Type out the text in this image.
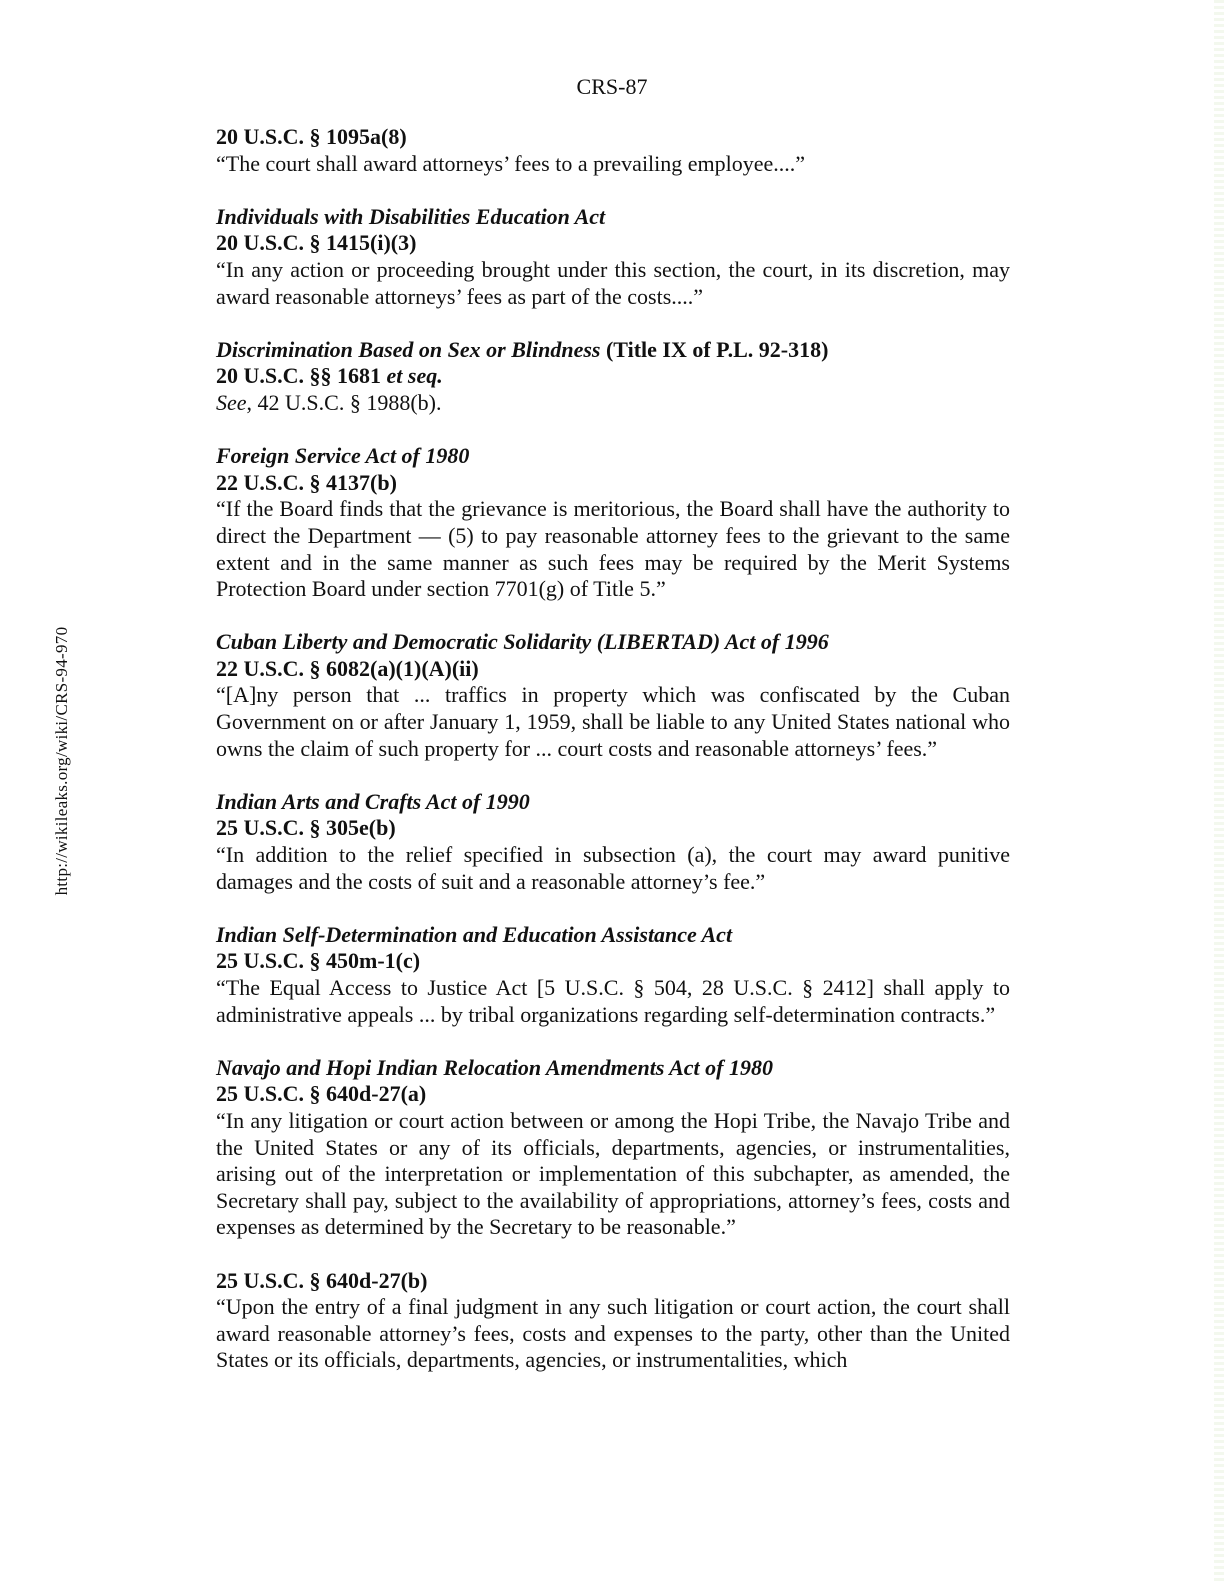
CRS-87
http://wikileaks.org/wiki/CRS-94-970
20 U.S.C. § 1095a(8)
“The court shall award attorneys’ fees to a prevailing employee....”
Individuals with Disabilities Education Act
20 U.S.C. § 1415(i)(3)
“In any action or proceeding brought under this section, the court, in its discretion, may award reasonable attorneys’ fees as part of the costs....”
Discrimination Based on Sex or Blindness (Title IX of P.L. 92-318)
20 U.S.C. §§ 1681 et seq.
See, 42 U.S.C. § 1988(b).
Foreign Service Act of 1980
22 U.S.C. § 4137(b)
“If the Board finds that the grievance is meritorious, the Board shall have the authority to direct the Department — (5) to pay reasonable attorney fees to the grievant to the same extent and in the same manner as such fees may be required by the Merit Systems Protection Board under section 7701(g) of Title 5.”
Cuban Liberty and Democratic Solidarity (LIBERTAD) Act of 1996
22 U.S.C. § 6082(a)(1)(A)(ii)
“[A]ny person that ... traffics in property which was confiscated by the Cuban Government on or after January 1, 1959, shall be liable to any United States national who owns the claim of such property for ... court costs and reasonable attorneys’ fees.”
Indian Arts and Crafts Act of 1990
25 U.S.C. § 305e(b)
“In addition to the relief specified in subsection (a), the court may award punitive damages and the costs of suit and a reasonable attorney’s fee.”
Indian Self-Determination and Education Assistance Act
25 U.S.C. § 450m-1(c)
“The Equal Access to Justice Act [5 U.S.C. § 504, 28 U.S.C. § 2412] shall apply to administrative appeals ... by tribal organizations regarding self-determination contracts.”
Navajo and Hopi Indian Relocation Amendments Act of 1980
25 U.S.C. § 640d-27(a)
“In any litigation or court action between or among the Hopi Tribe, the Navajo Tribe and the United States or any of its officials, departments, agencies, or instrumentalities, arising out of the interpretation or implementation of this subchapter, as amended, the Secretary shall pay, subject to the availability of appropriations, attorney’s fees, costs and expenses as determined by the Secretary to be reasonable.”
25 U.S.C. § 640d-27(b)
“Upon the entry of a final judgment in any such litigation or court action, the court shall award reasonable attorney’s fees, costs and expenses to the party, other than the United States or its officials, departments, agencies, or instrumentalities, which
